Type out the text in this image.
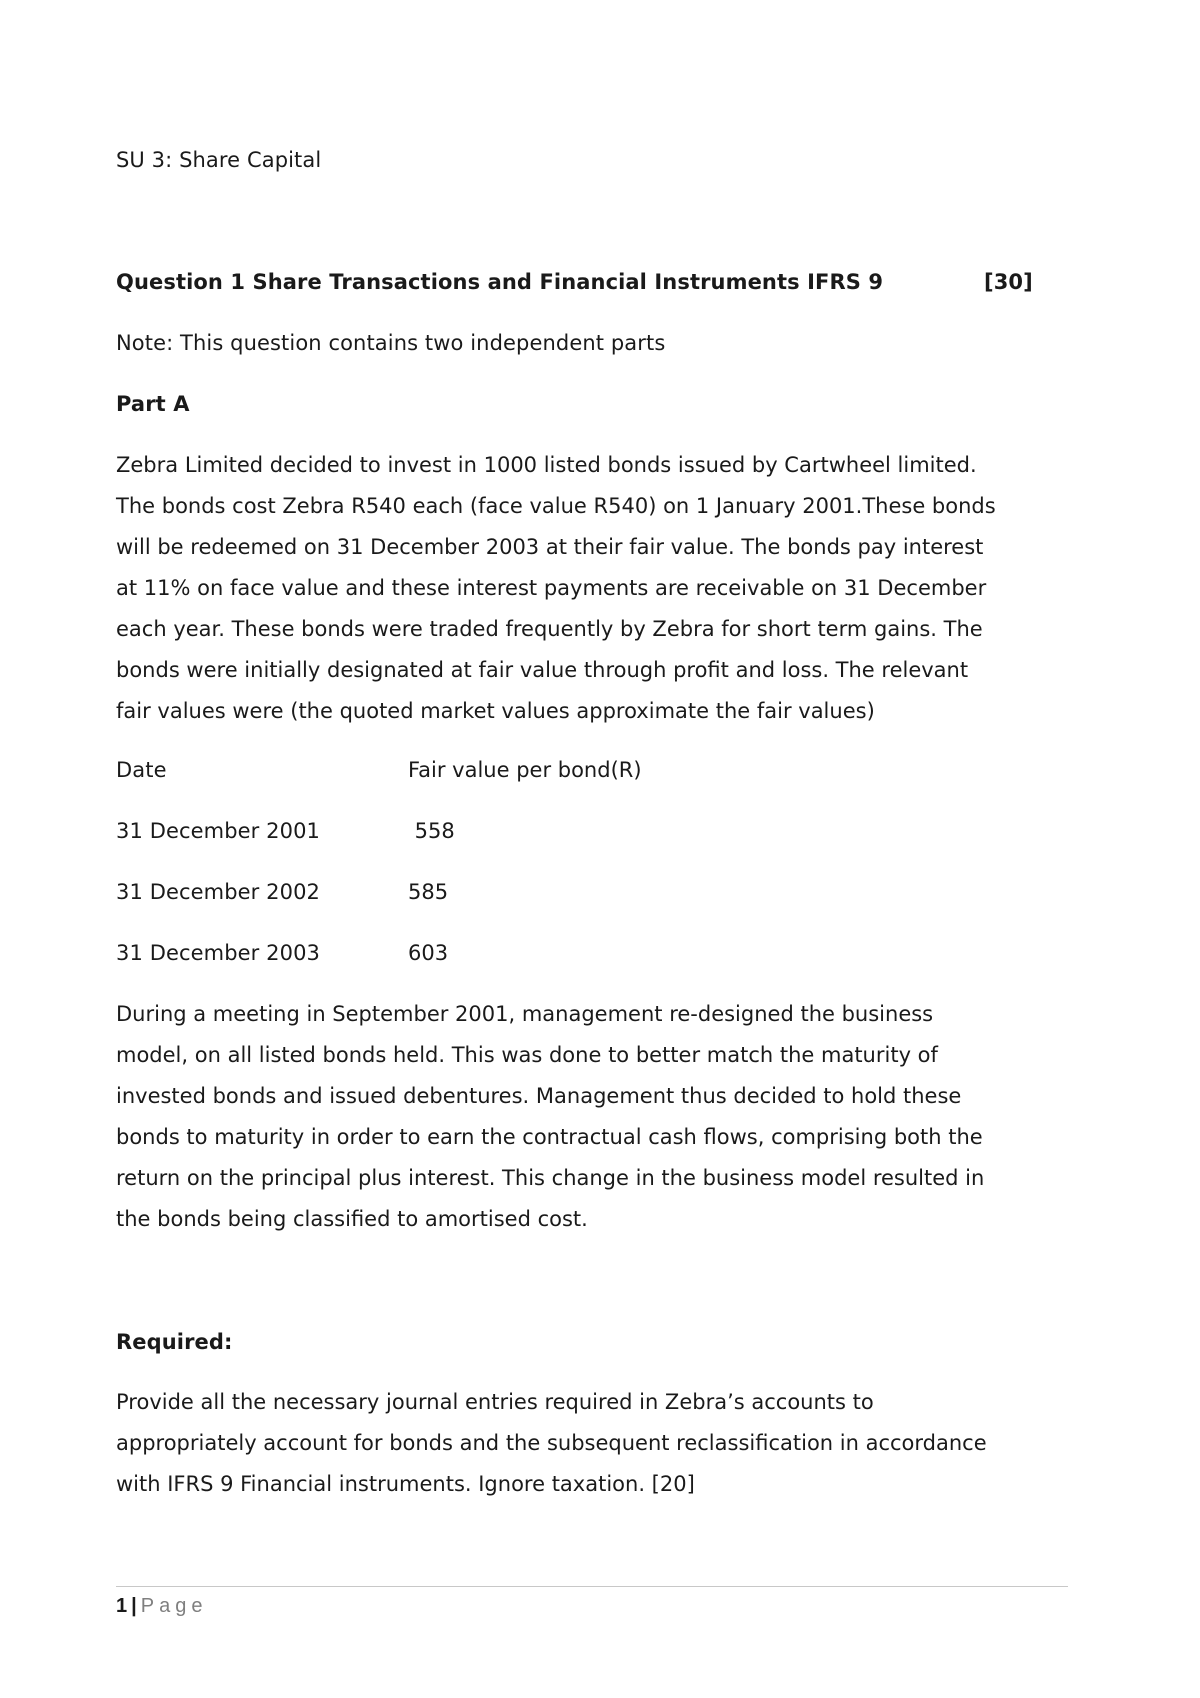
SU 3: Share Capital
Question 1 Share Transactions and Financial Instruments IFRS 9	[30]
Note: This question contains two independent parts
Part A
Zebra Limited decided to invest in 1000 listed bonds issued by Cartwheel limited.
The bonds cost Zebra R540 each (face value R540) on 1 January 2001.These bonds
will be redeemed on 31 December 2003 at their fair value. The bonds pay interest
at 11% on face value and these interest payments are receivable on 31 December
each year. These bonds were traded frequently by Zebra for short term gains. The
bonds were initially designated at fair value through profit and loss. The relevant
fair values were (the quoted market values approximate the fair values)
Date	Fair value per bond(R)
31 December 2001	558
31 December 2002	585
31 December 2003	603
During a meeting in September 2001, management re-designed the business
model, on all listed bonds held. This was done to better match the maturity of
invested bonds and issued debentures. Management thus decided to hold these
bonds to maturity in order to earn the contractual cash flows, comprising both the
return on the principal plus interest. This change in the business model resulted in
the bonds being classified to amortised cost.
Required:
Provide all the necessary journal entries required in Zebra’s accounts to
appropriately account for bonds and the subsequent reclassification in accordance
with IFRS 9 Financial instruments. Ignore taxation. [20]
1 | Page
